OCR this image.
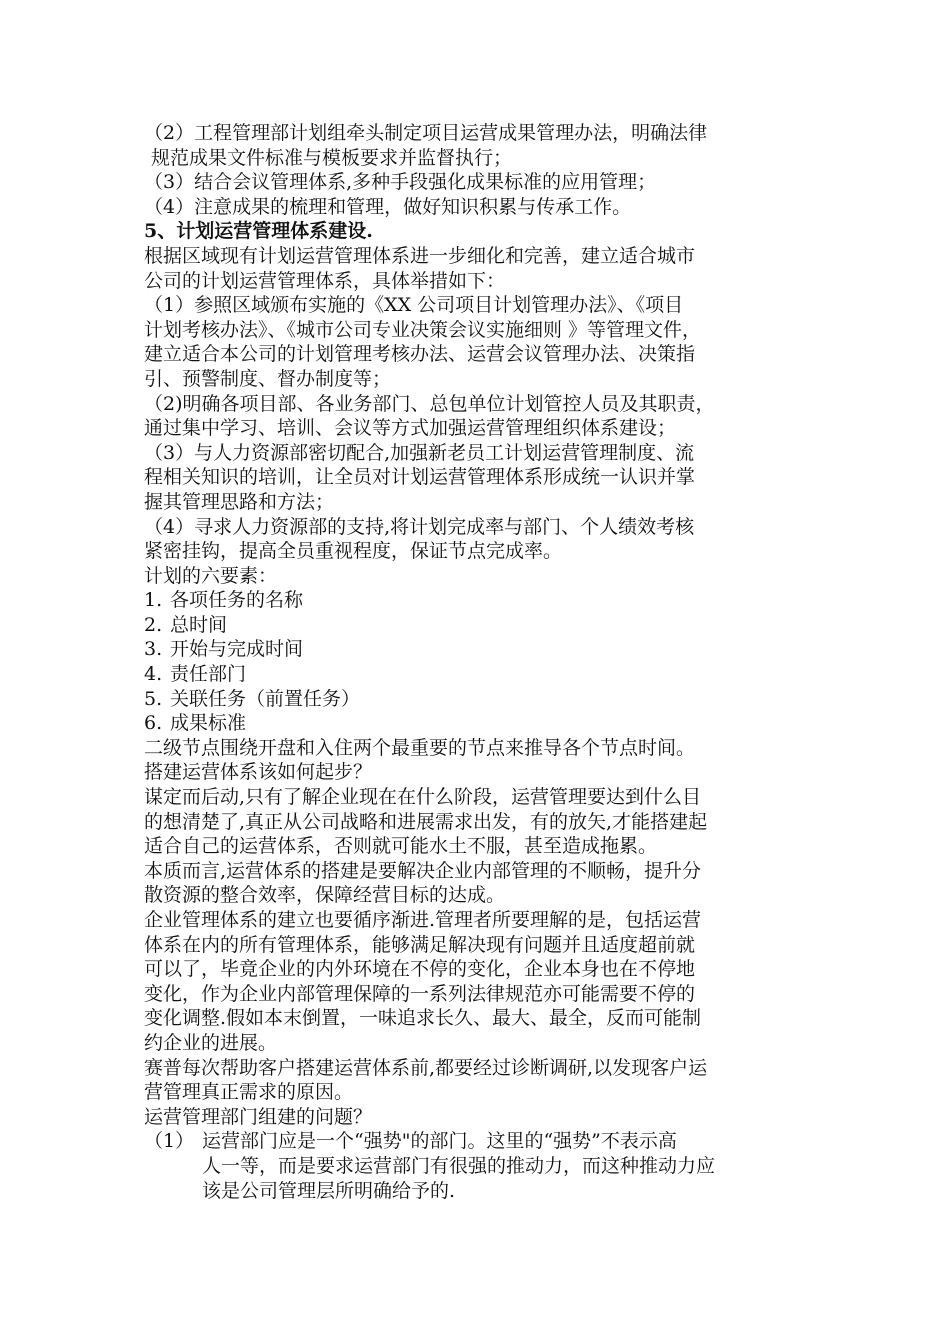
（2）工程管理部计划组牵头制定项目运营成果管理办法，明确法律
规范成果文件标准与模板要求并监督执行；
（3）结合会议管理体系,多种手段强化成果标准的应用管理；
（4）注意成果的梳理和管理，做好知识积累与传承工作。
5、计划运营管理体系建设.
根据区域现有计划运营管理体系进一步细化和完善，建立适合城市
公司的计划运营管理体系，具体举措如下：
（1）参照区域颁布实施的《XX 公司项目计划管理办法》、《项目
计划考核办法》、《城市公司专业决策会议实施细则 》等管理文件，
建立适合本公司的计划管理考核办法、运营会议管理办法、决策指
引、预警制度、督办制度等；
（2)明确各项目部、各业务部门、总包单位计划管控人员及其职责，
通过集中学习、培训、会议等方式加强运营管理组织体系建设；
（3）与人力资源部密切配合,加强新老员工计划运营管理制度、流
程相关知识的培训，让全员对计划运营管理体系形成统一认识并掌
握其管理思路和方法；
（4）寻求人力资源部的支持,将计划完成率与部门、个人绩效考核
紧密挂钩，提高全员重视程度，保证节点完成率。
计划的六要素：
1. 各项任务的名称
2. 总时间
3. 开始与完成时间
4. 责任部门
5. 关联任务（前置任务）
6. 成果标准
二级节点围绕开盘和入住两个最重要的节点来推导各个节点时间。
搭建运营体系该如何起步？
谋定而后动,只有了解企业现在在什么阶段，运营管理要达到什么目
的想清楚了,真正从公司战略和进展需求出发，有的放矢,才能搭建起
适合自己的运营体系，否则就可能水土不服，甚至造成拖累。
本质而言,运营体系的搭建是要解决企业内部管理的不顺畅，提升分
散资源的整合效率，保障经营目标的达成。
企业管理体系的建立也要循序渐进.管理者所要理解的是，包括运营
体系在内的所有管理体系，能够满足解决现有问题并且适度超前就
可以了，毕竟企业的内外环境在不停的变化，企业本身也在不停地
变化，作为企业内部管理保障的一系列法律规范亦可能需要不停的
变化调整.假如本末倒置，一味追求长久、最大、最全，反而可能制
约企业的进展。
赛普每次帮助客户搭建运营体系前,都要经过诊断调研,以发现客户运
营管理真正需求的原因。
运营管理部门组建的问题？
（1） 运营部门应是一个“强势"的部门。这里的“强势”不表示高
人一等，而是要求运营部门有很强的推动力，而这种推动力应
该是公司管理层所明确给予的.
